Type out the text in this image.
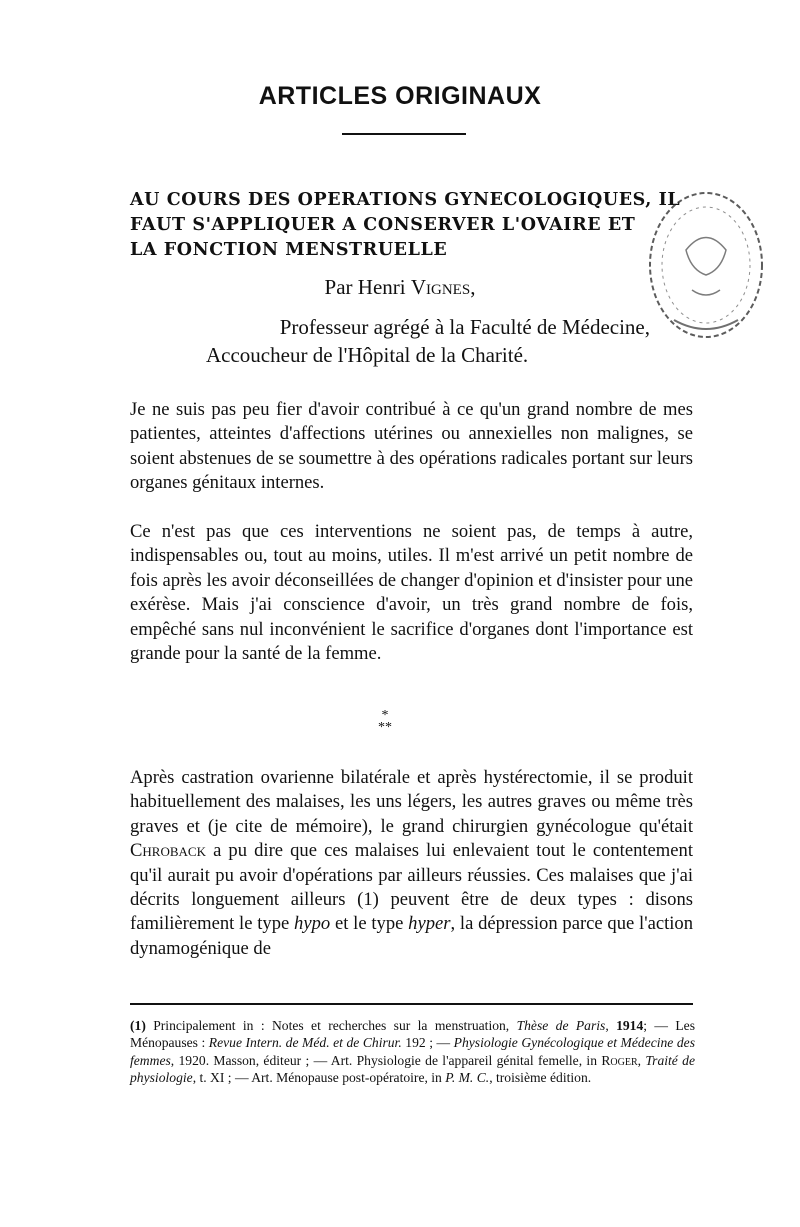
ARTICLES ORIGINAUX
AU COURS DES OPERATIONS GYNECOLOGIQUES, IL
FAUT S'APPLIQUER A CONSERVER L'OVAIRE ET
LA FONCTION MENSTRUELLE
Par Henri Vignes,
Professeur agrégé à la Faculté de Médecine,
Accoucheur de l'Hôpital de la Charité.

Je ne suis pas peu fier d'avoir contribué à ce qu'un grand nombre de mes patientes, atteintes d'affections utérines ou annexielles non malignes, se soient abstenues de se soumettre à des opérations radicales portant sur leurs organes génitaux internes.

Ce n'est pas que ces interventions ne soient pas, de temps à autre, indispensables ou, tout au moins, utiles. Il m'est arrivé un petit nombre de fois après les avoir déconseillées de changer d'opinion et d'insister pour une exérèse. Mais j'ai conscience d'avoir, un très grand nombre de fois, empêché sans nul inconvénient le sacrifice d'organes dont l'importance est grande pour la santé de la femme.

*
**

Après castration ovarienne bilatérale et après hystérectomie, il se produit habituellement des malaises, les uns légers, les autres graves ou même très graves et (je cite de mémoire), le grand chirurgien gynécologue qu'était Chroback a pu dire que ces malaises lui enlevaient tout le contentement qu'il aurait pu avoir d'opérations par ailleurs réussies. Ces malaises que j'ai décrits longuement ailleurs (1) peuvent être de deux types : disons familièrement le type hypo et le type hyper, la dépression parce que l'action dynamogénique de

(1) Principalement in : Notes et recherches sur la menstruation, Thèse de Paris, 1914; — Les Ménopauses : Revue Intern. de Méd. et de Chirur. 192 ; — Physiologie Gynécologique et Médecine des femmes, 1920. Masson, éditeur ; — Art. Physiologie de l'appareil génital femelle, in Roger, Traité de physiologie, t. XI ; — Art. Ménopause post-opératoire, in P. M. C., troisième édition.
